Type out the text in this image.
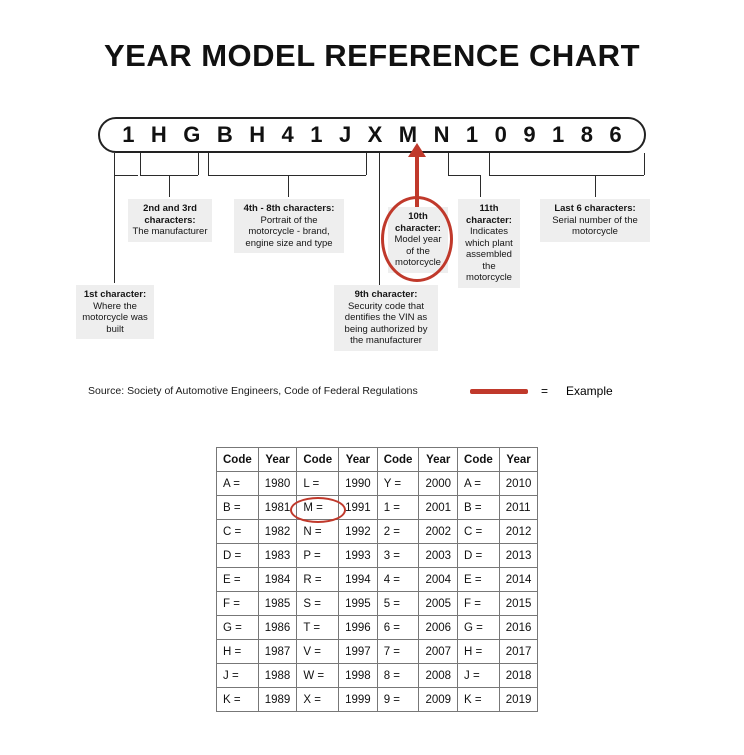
YEAR MODEL REFERENCE CHART
1 H G B H 4 1 J X M N 1 0 9 1 8 6
2nd and 3rd characters:
The manufacturer
4th - 8th characters:
Portrait of the motorcycle - brand, engine size and type
10th character:
Model year of the motorcycle
11th character:
Indicates which plant assembled the motorcycle
Last 6 characters:
Serial number of the motorcycle
1st character:
Where the motorcycle was built
9th character:
Security code that dentifies the VIN as being authorized by the manufacturer
Source: Society of Automotive Engineers, Code of Federal Regulations	= Example
Code	Year	Code	Year	Code	Year	Code	Year
A =	1980	L =	1990	Y =	2000	A =	2010
B =	1981	M =	1991	1 =	2001	B =	2011
C =	1982	N =	1992	2 =	2002	C =	2012
D =	1983	P =	1993	3 =	2003	D =	2013
E =	1984	R =	1994	4 =	2004	E =	2014
F =	1985	S =	1995	5 =	2005	F =	2015
G =	1986	T =	1996	6 =	2006	G =	2016
H =	1987	V =	1997	7 =	2007	H =	2017
J =	1988	W =	1998	8 =	2008	J =	2018
K =	1989	X =	1999	9 =	2009	K =	2019
